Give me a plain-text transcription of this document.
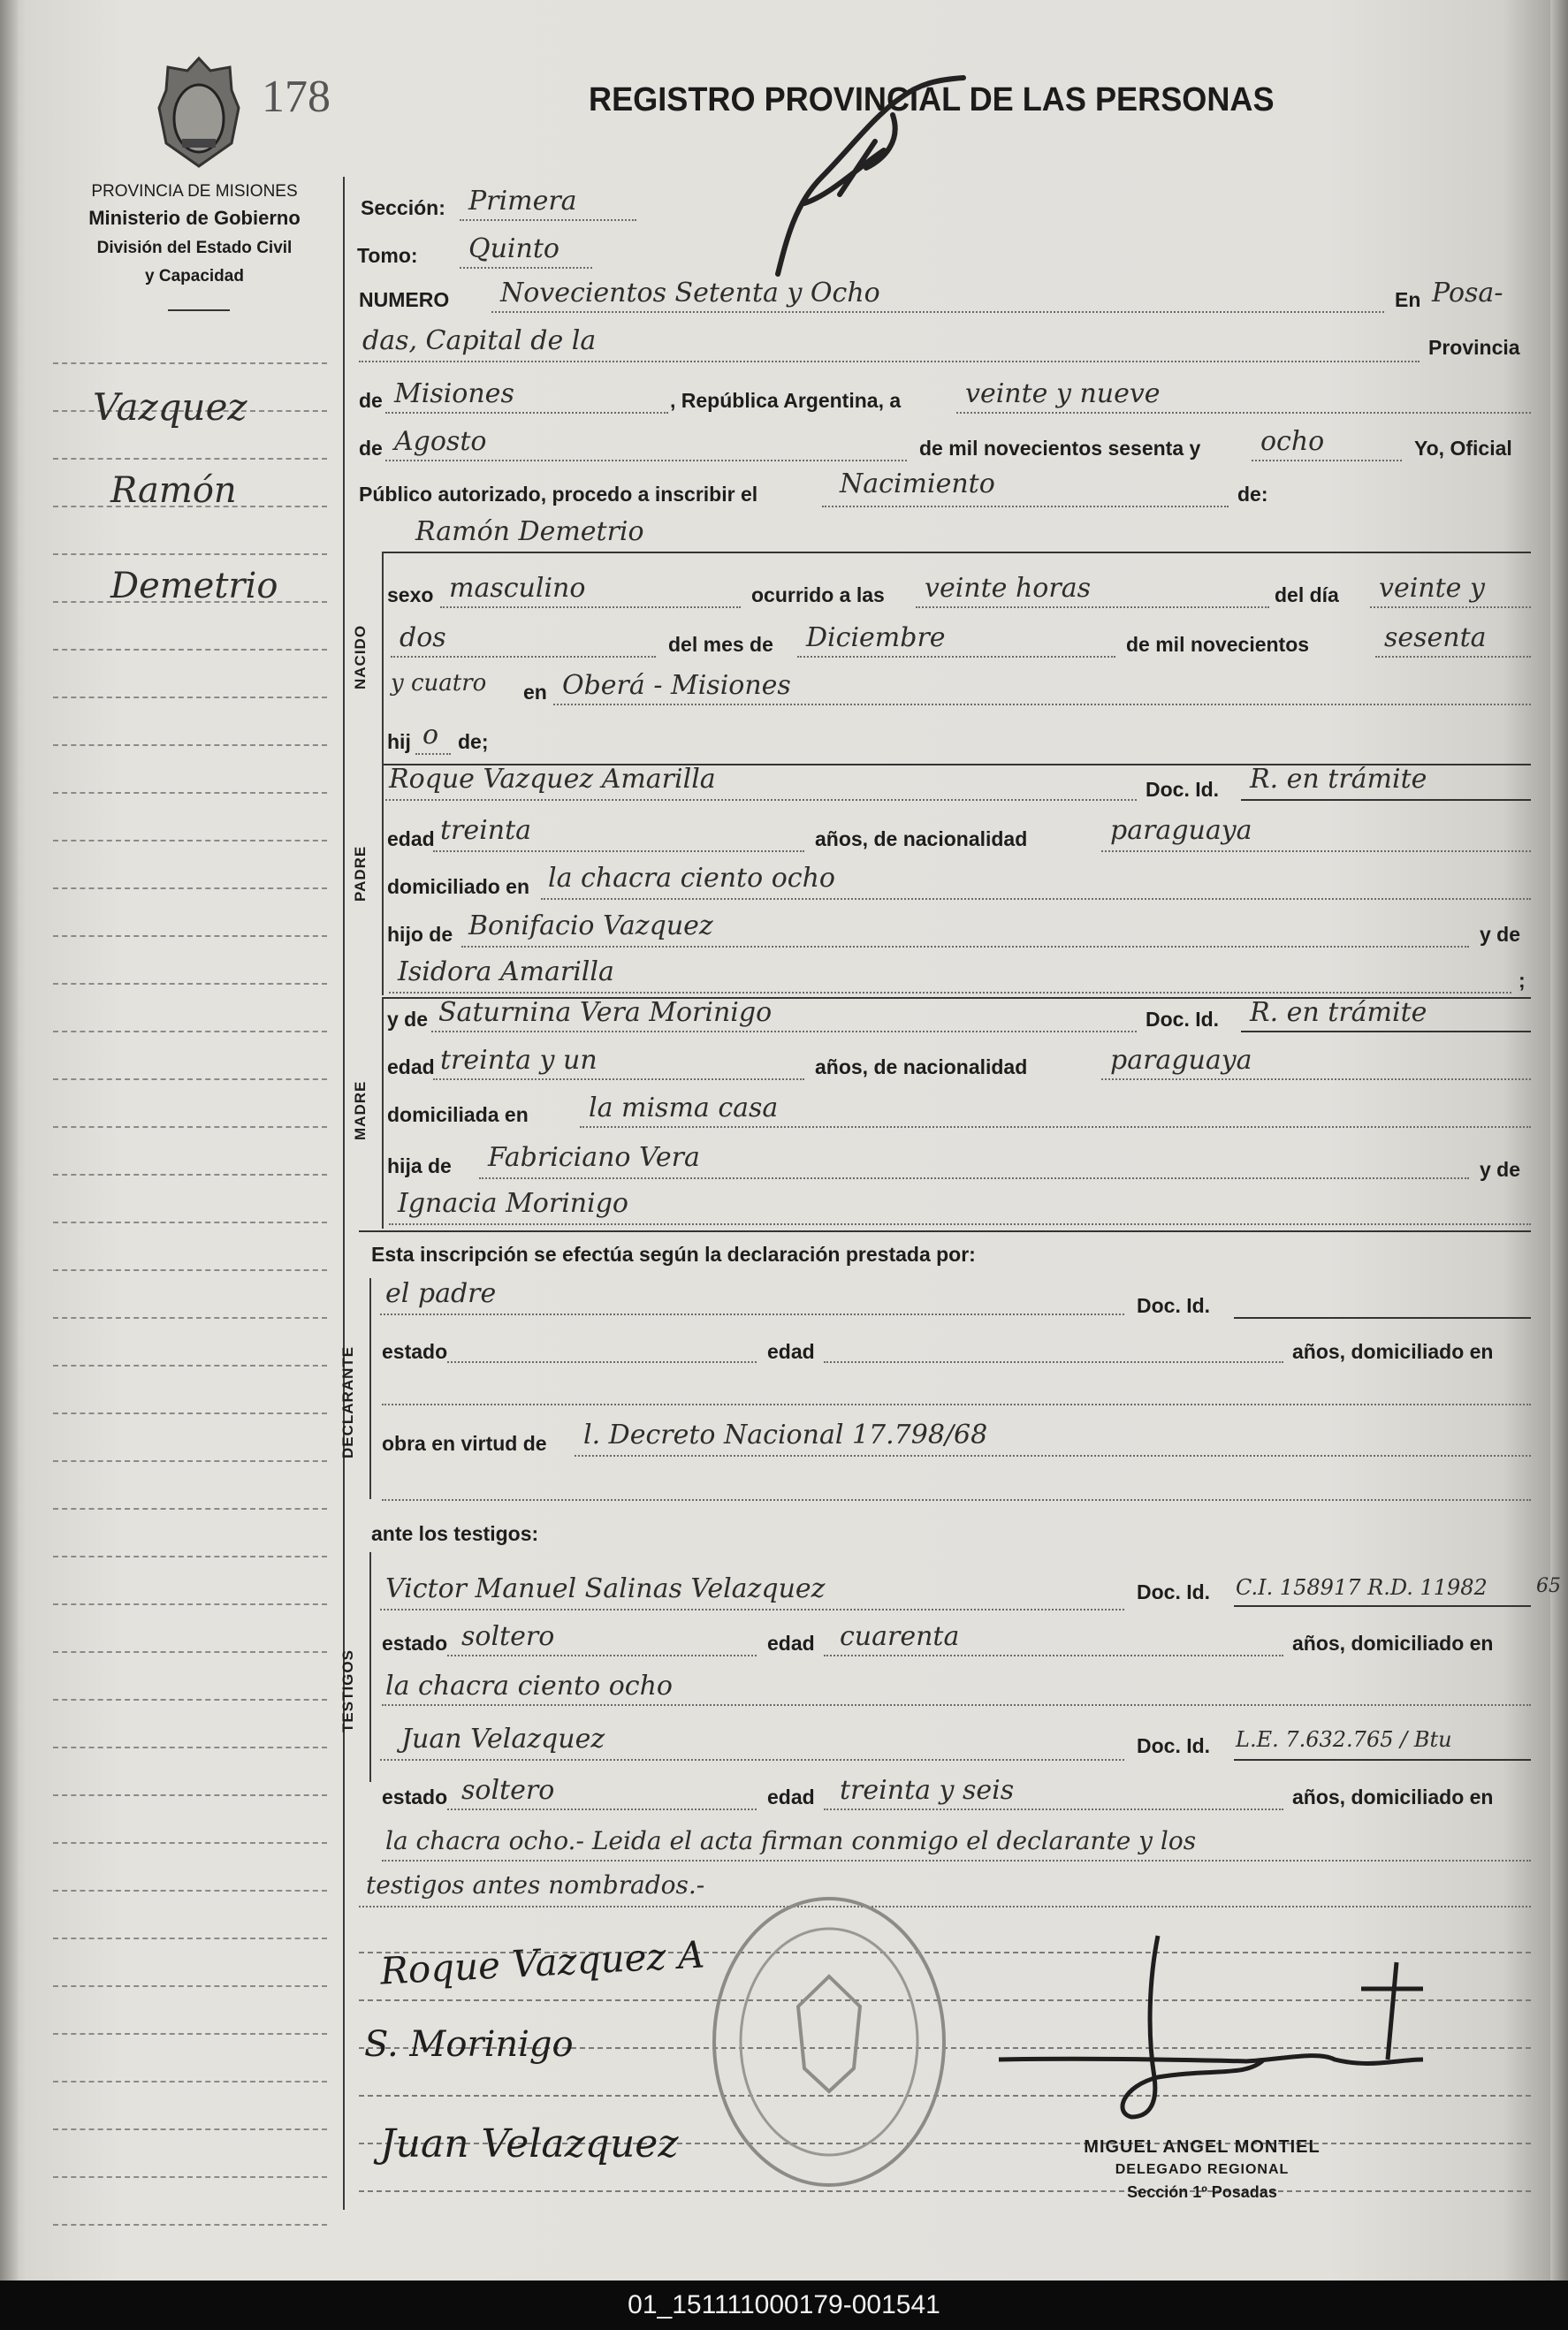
178	REGISTRO PROVINCIAL DE LAS PERSONAS
PROVINCIA DE MISIONES
Ministerio de Gobierno
División del Estado Civil
y Capacidad
Vazquez
Ramón
Demetrio
​
Sección: Primera
Tomo: Quinto
NUMERO Novecientos Setenta y Ocho	En Posa-
das, Capital de la	Provincia
de Misiones	, República Argentina, a veinte y nueve
de Agosto	de mil novecientos sesenta y ocho	Yo, Oficial
Público autorizado, procedo a inscribir el	Nacimiento	de:
Ramón Demetrio
NACIDO
sexo masculino	ocurrido a las veinte horas	del día veinte y
dos	del mes de Diciembre	de mil novecientos	sesenta
y cuatro en Oberá - Misiones
hij o de;
PADRE
Roque Vazquez Amarilla	Doc. Id. R. en trámite
edad treinta	años, de nacionalidad	paraguaya
domiciliado en la chacra ciento ocho
hijo de Bonifacio Vazquez	y de
Isidora Amarilla	;
MADRE
y de Saturnina Vera Morinigo	Doc. Id. R. en trámite
edad treinta y un	años, de nacionalidad	paraguaya
domiciliada en la misma casa
hija de Fabriciano Vera	y de
Ignacia Morinigo
Esta inscripción se efectúa según la declaración prestada por:
DECLARANTE
el padre	Doc. Id.
estado	edad	años, domiciliado en
obra en virtud de l. Decreto Nacional 17.798/68
ante los testigos:
TESTIGOS
Victor Manuel Salinas Velazquez	Doc. Id. C.I. 158917 R.D. 11982	65
estado soltero	edad cuarenta	años, domiciliado en
la chacra ciento ocho
Juan Velazquez	Doc. Id. L.E. 7.632.765 / Btu
estado soltero	edad treinta y seis	años, domiciliado en
la chacra ocho.- Leida el acta firman conmigo el declarante y los
testigos antes nombrados.-
Roque Vazquez A
S. Morinigo
Juan Velazquez	MIGUEL ANGEL MONTIEL
DELEGADO REGIONAL
Sección 1º Posadas
01_151111000179-001541
